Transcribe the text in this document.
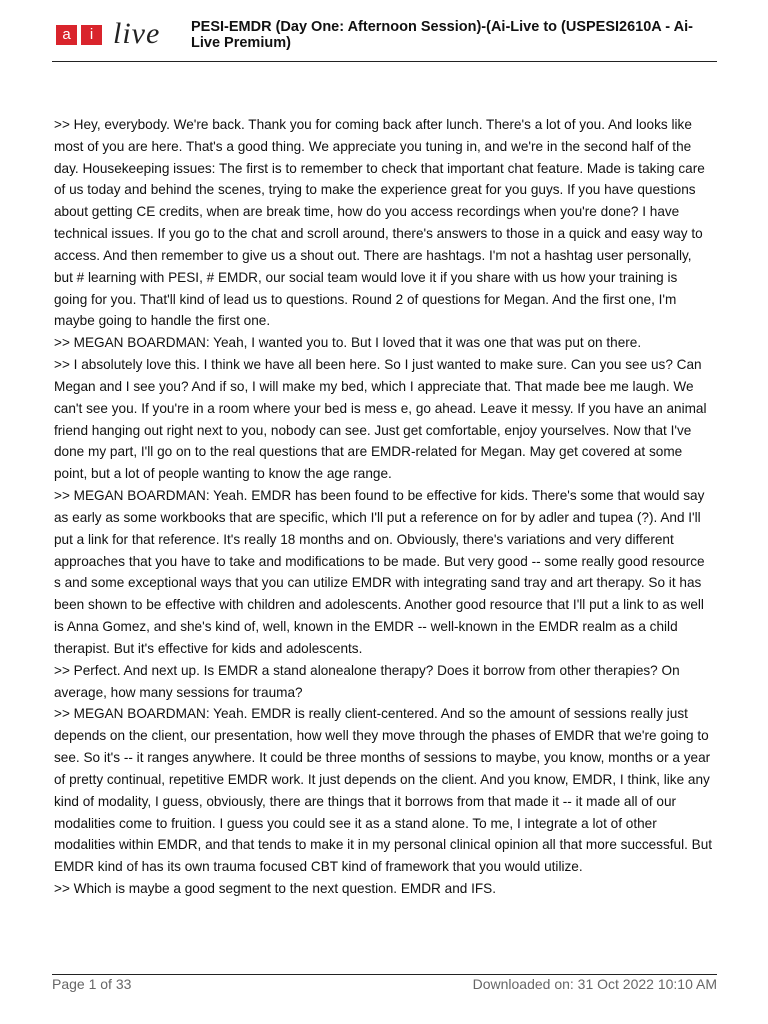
a	i live PESI-EMDR (Day One: Afternoon Session)-(Ai-Live to (USPESI2610A - Ai-Live Premium)

>> Hey, everybody. We're back. Thank you for coming back after lunch. There's a lot of you. And looks like most of you are here. That's a good thing. We appreciate you tuning in, and we're in the second half of the day. Housekeeping issues: The first is to remember to check that important chat feature. Made is taking care of us today and behind the scenes, trying to make the experience great for you guys. If you have questions about getting CE credits, when are break time, how do you access recordings when you're done? I have technical issues. If you go to the chat and scroll around, there's answers to those in a quick and easy way to access. And then remember to give us a shout out. There are hashtags. I'm not a hashtag user personally, but # learning with PESI, # EMDR, our social team would love it if you share with us how your training is going for you. That'll kind of lead us to questions. Round 2 of questions for Megan. And the first one, I'm maybe going to handle the first one.

>> MEGAN BOARDMAN: Yeah, I wanted you to. But I loved that it was one that was put on there.

>> I absolutely love this. I think we have all been here. So I just wanted to make sure. Can you see us? Can Megan and I see you? And if so, I will make my bed, which I appreciate that. That made bee me laugh. We can't see you. If you're in a room where your bed is mess e, go ahead. Leave it messy. If you have an animal friend hanging out right next to you, nobody can see. Just get comfortable, enjoy yourselves. Now that I've done my part, I'll go on to the real questions that are EMDR-related for Megan. May get covered at some point, but a lot of people wanting to know the age range.

>> MEGAN BOARDMAN: Yeah. EMDR has been found to be effective for kids. There's some that would say as early as some workbooks that are specific, which I'll put a reference on for by adler and tupea (?). And I'll put a link for that reference. It's really 18 months and on. Obviously, there's variations and very different approaches that you have to take and modifications to be made. But very good -- some really good resource s and some exceptional ways that you can utilize EMDR with integrating sand tray and art therapy. So it has been shown to be effective with children and adolescents. Another good resource that I'll put a link to as well is Anna Gomez, and she's kind of, well, known in the EMDR -- well-known in the EMDR realm as a child therapist. But it's effective for kids and adolescents.

>> Perfect. And next up. Is EMDR a stand alonealone therapy? Does it borrow from other therapies? On average, how many sessions for trauma?

>> MEGAN BOARDMAN: Yeah. EMDR is really client-centered. And so the amount of sessions really just depends on the client, our presentation, how well they move through the phases of EMDR that we're going to see. So it's -- it ranges anywhere. It could be three months of sessions to maybe, you know, months or a year of pretty continual, repetitive EMDR work. It just depends on the client. And you know, EMDR, I think, like any kind of modality, I guess, obviously, there are things that it borrows from that made it -- it made all of our modalities come to fruition. I guess you could see it as a stand alone. To me, I integrate a lot of other modalities within EMDR, and that tends to make it in my personal clinical opinion all that more successful. But EMDR kind of has its own trauma focused CBT kind of framework that you would utilize.

>> Which is maybe a good segment to the next question. EMDR and IFS.

Page 1 of 33	Downloaded on: 31 Oct 2022 10:10 AM
